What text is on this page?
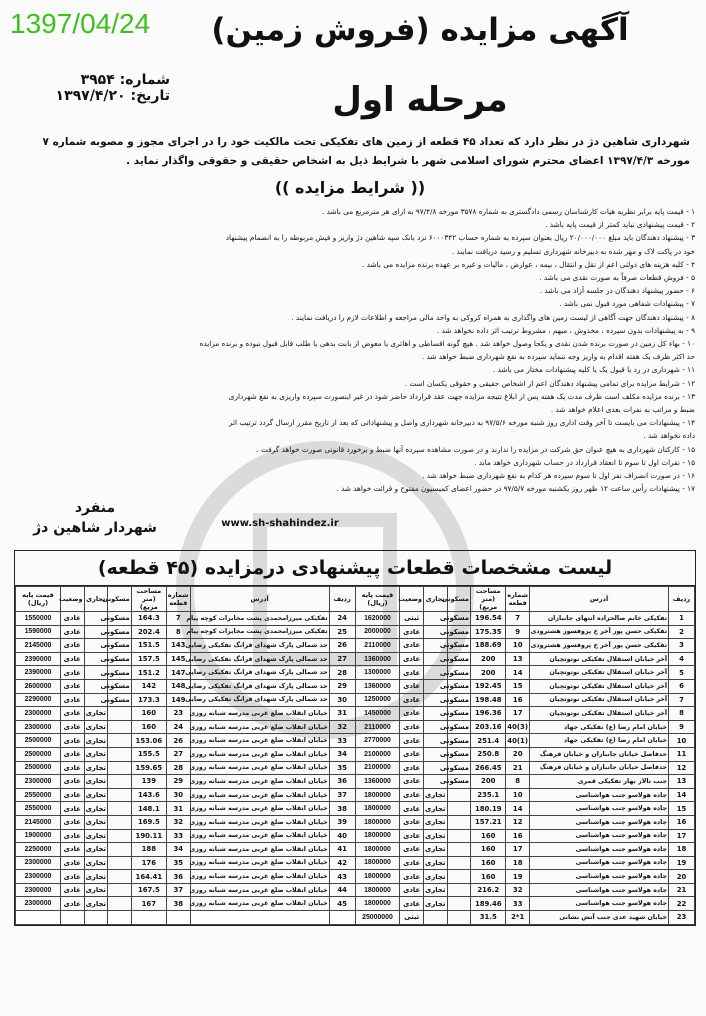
1397/04/24	آگهی مزایده (فروش زمین)
مرحله اول
شماره: ۳۹۵۴
تاریخ: ۱۳۹۷/۴/۲۰
شهرداری شاهین دژ در نظر دارد که تعداد ۴۵ قطعه از زمین های تفکیکی تحت مالکیت خود را در اجرای مجوز و مصوبه شماره ۷ مورخه ۱۳۹۷/۴/۳ اعضای محترم شورای اسلامی شهر با شرایط ذیل به اشخاص حقیقی و حقوقی واگذار نماید .
(( شرایط مزایده ))
۱ - قیمت پایه برابر نظریه هیات کارشناسان رسمی دادگستری به شماره ۳۵۷۸ مورخه ۹۷/۴/۸ به ازای هر مترمربع می باشد .
۲ - قیمت پیشنهادی نباید کمتر از قیمت پایه باشد .
۳ - پیشنهاد دهندگان باید مبلغ ۲۰/۰۰۰/۰۰۰ ریال بعنوان سپرده به شماره حساب ۶۰۰۰۳۴۲ نزد بانک سپه شاهین دژ واریز و فیش مربوطه را به انضمام پیشنهاد
خود در پاکت لاک و مهر شده به دبیرخانه شهرداری تسلیم و رسید دریافت نمایند .
۴ - کلیه هزینه های دولتی اعم از نقل و انتقال ، بیمه ، عوارض ، مالیات و غیره بر عهده برنده مزایده می باشد .
۵ - فروش قطعات صرفاً به صورت نقدی می باشد .
۶ - حضور پیشنهاد دهندگان در جلسه آزاد می باشد .
۷ - پیشنهادات شفاهی مورد قبول نمی باشد .
۸ - پیشنهاد دهندگان جهت آگاهی از لیست زمین های واگذاری به همراه کروکی به واحد مالی مراجعه و اطلاعات لازم را دریافت نمایند .
۹ - به پیشنهادات بدون سپرده ، مخدوش ، مبهم ، مشروط ترتیب اثر داده نخواهد شد .
۱۰ - بهاء کل زمین در صورت برنده شدن نقدی و یکجا وصول خواهد شد . هیچ گونه اقساطی و اهاتری یا معوض از بابت بدهی یا طلب قابل قبول نبوده و برنده مزایده
حد اکثر ظرف یک هفته اقدام به واریز وجه ننماید سپرده به نفع شهرداری ضبط خواهد شد .
۱۱ - شهرداری در رد یا قبول یک یا کلیه پیشنهادات مختار می باشد .
۱۲ - شرایط مزایده برای تمامی پیشنهاد دهندگان اعم از اشخاص حقیقی و حقوقی یکسان است .
۱۳ - برنده مزایده مکلف است ظرف مدت یک هفته پس از ابلاغ نتیجه مزایده جهت عقد قرارداد حاضر شود در غیر اینصورت سپرده واریزی به نفع شهرداری
ضبط و مراتب به نفرات بعدی اعلام خواهد شد .
۱۴ - پیشنهادات می بایست تا آخر وقت اداری روز شنبه مورخه ۹۷/۵/۶ به دبیرخانه شهرداری واصل و پیشنهاداتی که بعد از تاریخ مقرر ارسال گردد ترتیب اثر
داده نخواهد شد .
۱۵ - کارکنان شهرداری به هیچ عنوان حق شرکت در مزایده را ندارند و در صورت مشاهده سپرده آنها ضبط و برخورد قانونی صورت خواهد گرفت .
۱۵ - نفرات اول تا سوم تا انعقاد قرارداد در حساب شهرداری خواهد ماند .
۱۶ - در صورت انصراف نفر اول تا سوم سپرده هر کدام به نفع شهرداری ضبط خواهد شد .
۱۷ - پیشنهادات رأس ساعت ۱۲ ظهر روز یکشنبه مورخه ۹۷/۵/۷ در حضور اعضای کمیسیون مفتوح و قرائت خواهد شد .
منفرد
شهردار شاهین دژ	www.sh-shahindez.ir
لیست مشخصات قطعات پیشنهادی درمزایده (۴۵ قطعه)
ردیف	آدرس	شماره قطعه	مساحت (متر مربع)	مسکونی	تجاری	وضعیت	قیمت پایه (ریال)	ردیف	آدرس	شماره قطعه	مساحت (متر مربع)	مسکونی	تجاری	وضعیت	قیمت پایه (ریال)
1	تفکیکی خانم صالحزاده انتهای جانبازان	7	196.54	مسکونی		ثبتی	1620000	24	تفکیکی میرزامحمدی پشت مخابرات کوچه پیام	7	164.3	مسکونی		عادی	1550000
2	تفکیکی حسن پور آخر خ پروفسور هشترودی	9	175.35	مسکونی		عادی	2000000	25	تفکیکی میرزامحمدی پشت مخابرات کوچه پیام	8	202.4	مسکونی		عادی	1590000
3	تفکیکی حسن پور آخر خ پروفسور هشترودی	10	188.69	مسکونی		عادی	2110000	26	حد شمالی پارک شهدای قرانگ تفکیکی رضایی	143	151.5	مسکونی		عادی	2145000
4	آخر خیابان استقلال تفکیکی نوتوتچیان	13	200	مسکونی		عادی	1360000	27	حد شمالی پارک شهدای قرانگ تفکیکی رضایی	145	157.5	مسکونی		عادی	2390000
5	آخر خیابان استقلال تفکیکی نوتوتچیان	14	200	مسکونی		عادی	1300000	28	حد شمالی پارک شهدای قرانگ تفکیکی رضایی	147	151.2	مسکونی		عادی	2390000
6	آخر خیابان استقلال تفکیکی نوتوتچیان	15	192.45	مسکونی		عادی	1360000	29	حد شمالی پارک شهدای قرانگ تفکیکی رضایی	148	142	مسکونی		عادی	2600000
7	آخر خیابان استقلال تفکیکی نوتوتچیان	16	198.48	مسکونی		عادی	1250000	30	حد شمالی پارک شهدای قرانگ تفکیکی رضایی	149	173.3	مسکونی		عادی	2290000
8	آخر خیابان استقلال تفکیکی نوتوتچیان	17	196.36	مسکونی		عادی	1450000	31	خیابان انقلاب ضلع غربی مدرسه شبانه روزی	23	160		تجاری	عادی	2300000
9	خیابان امام رضا (ع) تفکیکی جهاد	(3)40	203.16	مسکونی		عادی	2110000	32	خیابان انقلاب ضلع غربی مدرسه شبانه روزی	24	160		تجاری	عادی	2300000
10	خیابان امام رضا (ع) تفکیکی جهاد	(1)40	251.4	مسکونی		عادی	2770000	33	خیابان انقلاب ضلع غربی مدرسه شبانه روزی	26	153.06		تجاری	عادی	2500000
11	حدفاصل خیابان جانبازان و خیابان فرهنگ	20	250.8	مسکونی		عادی	2100000	34	خیابان انقلاب ضلع غربی مدرسه شبانه روزی	27	155.5		تجاری	عادی	2500000
12	حدفاصل خیابان جانبازان و خیابان فرهنگ	21	266.45	مسکونی		عادی	2100000	35	خیابان انقلاب ضلع غربی مدرسه شبانه روزی	28	159.65		تجاری	عادی	2500000
13	جنب تالار بهار تفکیکی قمری	8	200	مسکونی		عادی	1360000	36	خیابان انقلاب ضلع غربی مدرسه شبانه روزی	29	139		تجاری	عادی	2300000
14	جاده هولاسو جنب هواشناسی	10	235.1		تجاری	عادی	1800000	37	خیابان انقلاب ضلع غربی مدرسه شبانه روزی	30	143.6		تجاری	عادی	2550000
15	جاده هولاسو جنب هواشناسی	14	180.19		تجاری	عادی	1800000	38	خیابان انقلاب ضلع غربی مدرسه شبانه روزی	31	148.1		تجاری	عادی	2550000
16	جاده هولاسو جنب هواشناسی	12	157.21		تجاری	عادی	1800000	39	خیابان انقلاب ضلع غربی مدرسه شبانه روزی	32	169.5		تجاری	عادی	2145000
17	جاده هولاسو جنب هواشناسی	16	160		تجاری	عادی	1800000	40	خیابان انقلاب ضلع غربی مدرسه شبانه روزی	33	190.11		تجاری	عادی	1900000
18	جاده هولاسو جنب هواشناسی	17	160		تجاری	عادی	1800000	41	خیابان انقلاب ضلع غربی مدرسه شبانه روزی	34	188		تجاری	عادی	2250000
19	جاده هولاسو جنب هواشناسی	18	160		تجاری	عادی	1800000	42	خیابان انقلاب ضلع غربی مدرسه شبانه روزی	35	176		تجاری	عادی	2300000
20	جاده هولاسو جنب هواشناسی	19	160		تجاری	عادی	1800000	43	خیابان انقلاب ضلع غربی مدرسه شبانه روزی	36	164.41		تجاری	عادی	2300000
21	جاده هولاسو جنب هواشناسی	32	216.2		تجاری	عادی	1800000	44	خیابان انقلاب ضلع غربی مدرسه شبانه روزی	37	167.5		تجاری	عادی	2300000
22	جاده هولاسو جنب هواشناسی	33	189.46		تجاری	عادی	1800000	45	خیابان انقلاب ضلع غربی مدرسه شبانه روزی	38	167		تجاری	عادی	2300000
23	خیابان شهید عدی جنب آتش نشانی	1*2	31.5			ثبتی	25000000								
